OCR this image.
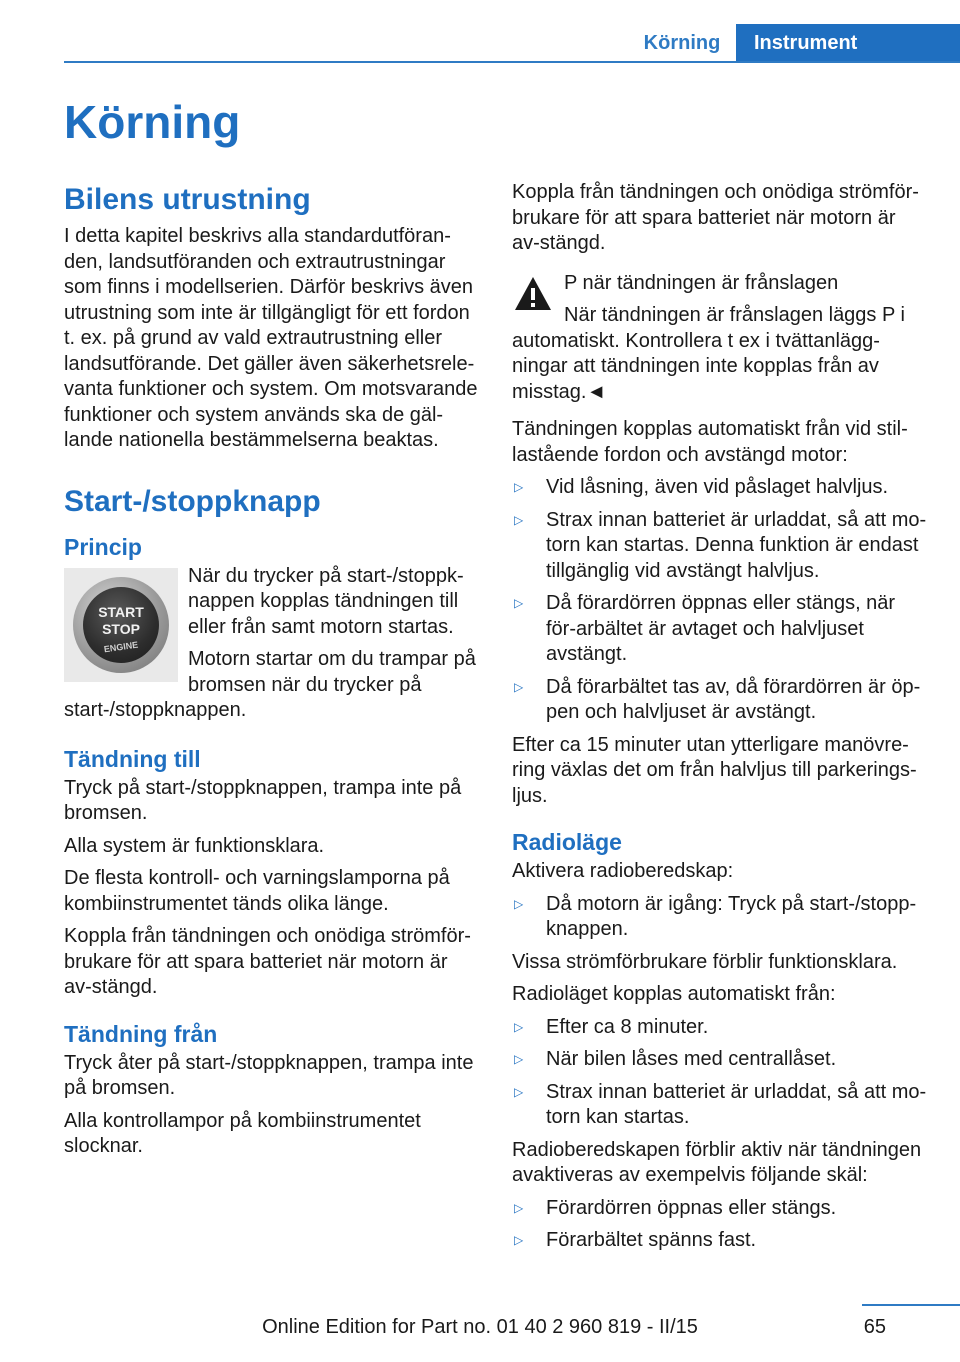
Körning	Instrument
Körning
Bilens utrustning

I detta kapitel beskrivs alla standardutföran-den, landsutföranden och extrautrustningar som finns i modellserien. Därför beskrivs även utrustning som inte är tillgängligt för ett fordon t. ex. på grund av vald extrautrustning eller landsutförande. Det gäller även säkerhetsrele-vanta funktioner och system. Om motsvarande funktioner och system används ska de gäl-lande nationella bestämmelserna beaktas.

Start-/stoppknapp
Princip
START
STOP
ENGINE

När du trycker på start-/stoppk-nappen kopplas tändningen till eller från samt motorn startas.

Motorn startar om du trampar på bromsen när du trycker på start-/stoppknappen.

Tändning till

Tryck på start-/stoppknappen, trampa inte på bromsen.

Alla system är funktionsklara.

De flesta kontroll- och varningslamporna på kombiinstrumentet tänds olika länge.

Koppla från tändningen och onödiga strömför-brukare för att spara batteriet när motorn är av-stängd.

Tändning från

Tryck åter på start-/stoppknappen, trampa inte på bromsen.

Alla kontrollampor på kombiinstrumentet slocknar.

Koppla från tändningen och onödiga strömför-brukare för att spara batteriet när motorn är av-stängd.

P när tändningen är frånslagen

När tändningen är frånslagen läggs P i automatiskt. Kontrollera t ex i tvättanlägg-ningar att tändningen inte kopplas från av misstag.◄

Tändningen kopplas automatiskt från vid stil-lastående fordon och avstängd motor:

▷ Vid låsning, även vid påslaget halvljus.
▷ Strax innan batteriet är urladdat, så att mo-torn kan startas. Denna funktion är endast tillgänglig vid avstängt halvljus.
▷ Då förardörren öppnas eller stängs, när för-arbältet är avtaget och halvljuset avstängt.
▷ Då förarbältet tas av, då förardörren är öp-pen och halvljuset är avstängt.

Efter ca 15 minuter utan ytterligare manövre-ring växlas det om från halvljus till parkerings-ljus.

Radioläge

Aktivera radioberedskap:

▷ Då motorn är igång: Tryck på start-/stopp-knappen.

Vissa strömförbrukare förblir funktionsklara.

Radioläget kopplas automatiskt från:

▷ Efter ca 8 minuter.
▷ När bilen låses med centrallåset.
▷ Strax innan batteriet är urladdat, så att mo-torn kan startas.

Radioberedskapen förblir aktiv när tändningen avaktiveras av exempelvis följande skäl:

▷ Förardörren öppnas eller stängs.
▷ Förarbältet spänns fast.
65
Online Edition for Part no. 01 40 2 960 819 - II/15
